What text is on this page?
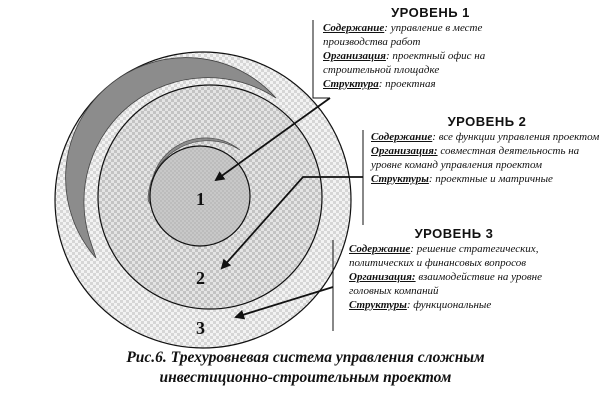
1
2
3
УРОВЕНЬ 1
Содержание: управление в месте производства работ
Организация: проектный офис на строительной площадке
Структура: проектная
УРОВЕНЬ 2
Содержание: все функции управления проектом
Организация: совместная деятельность на уровне команд управления проектом
Структуры: проектные и матричные
УРОВЕНЬ 3
Содержание: решение стратегических, политических и финансовых вопросов
Организация: взаимодействие на уровне головных компаний
Структуры: функциональные
Рис.6. Трехуровневая система управления сложным
инвестиционно-строительным проектом
